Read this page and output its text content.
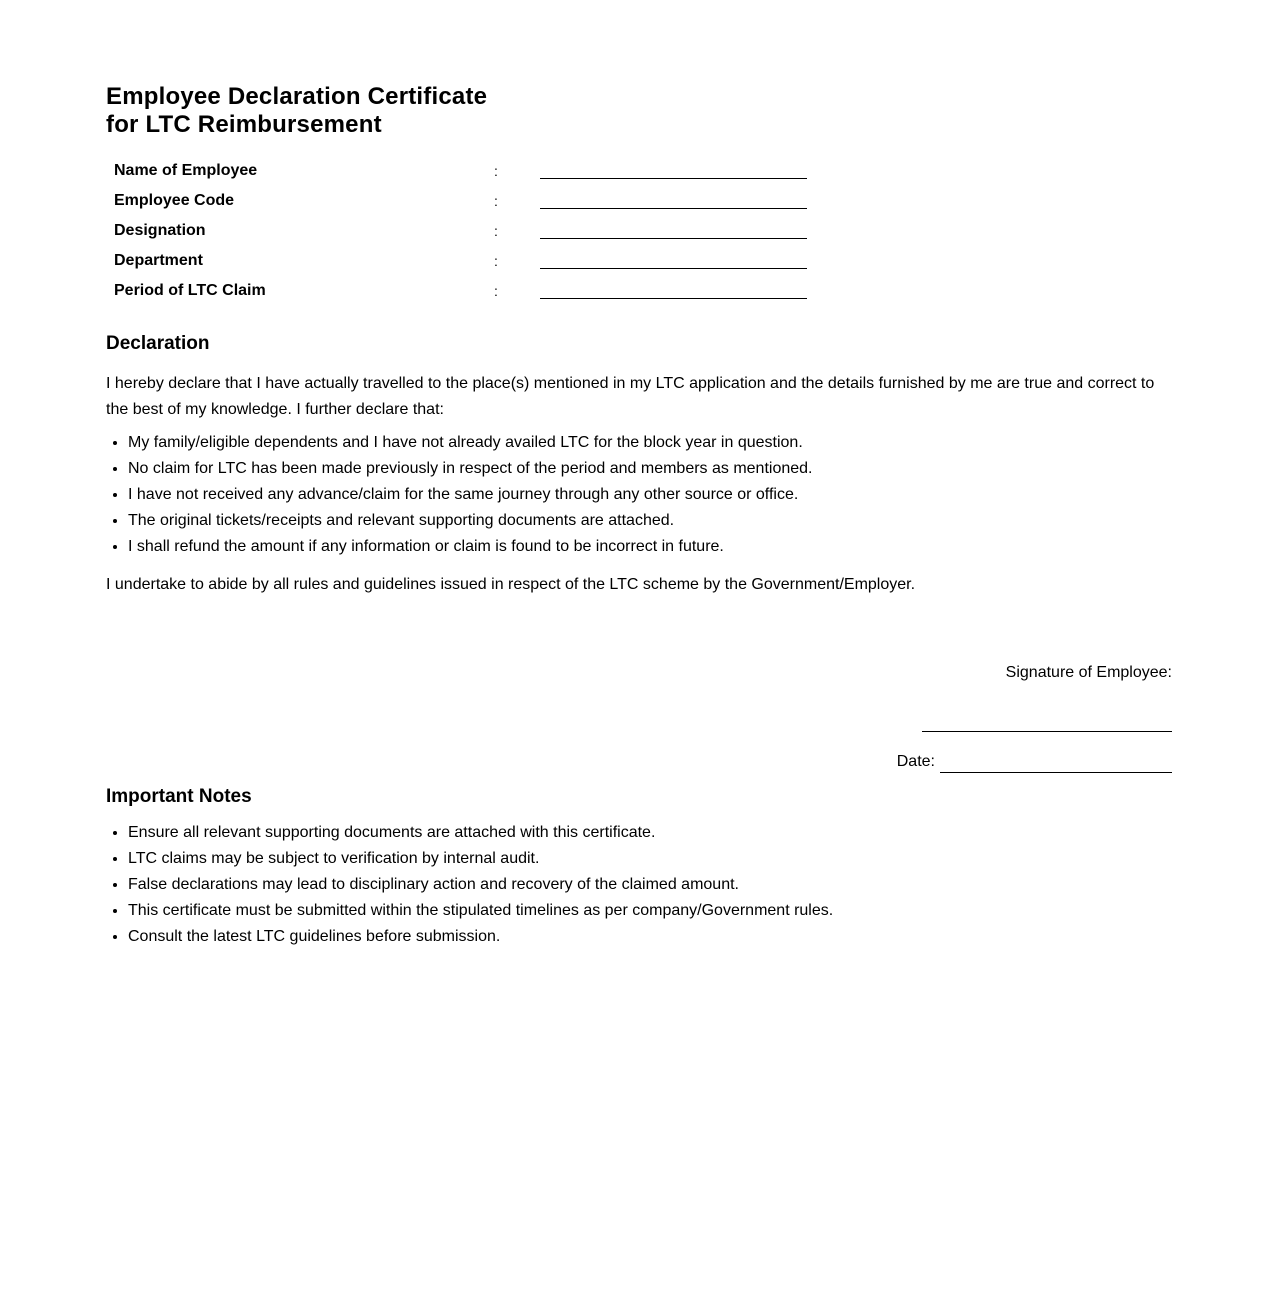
Employee Declaration Certificate
for LTC Reimbursement
Name of Employee	:
Employee Code	:
Designation	:
Department	:
Period of LTC Claim	:
Declaration

I hereby declare that I have actually travelled to the place(s) mentioned in my LTC application and the details furnished by me are true and correct to the best of my knowledge. I further declare that:

• My family/eligible dependents and I have not already availed LTC for the block year in question.
• No claim for LTC has been made previously in respect of the period and members as mentioned.
• I have not received any advance/claim for the same journey through any other source or office.
• The original tickets/receipts and relevant supporting documents are attached.
• I shall refund the amount if any information or claim is found to be incorrect in future.

I undertake to abide by all rules and guidelines issued in respect of the LTC scheme by the Government/Employer.

Signature of Employee:
Date:
Important Notes
• Ensure all relevant supporting documents are attached with this certificate.
• LTC claims may be subject to verification by internal audit.
• False declarations may lead to disciplinary action and recovery of the claimed amount.
• This certificate must be submitted within the stipulated timelines as per company/Government rules.
• Consult the latest LTC guidelines before submission.
